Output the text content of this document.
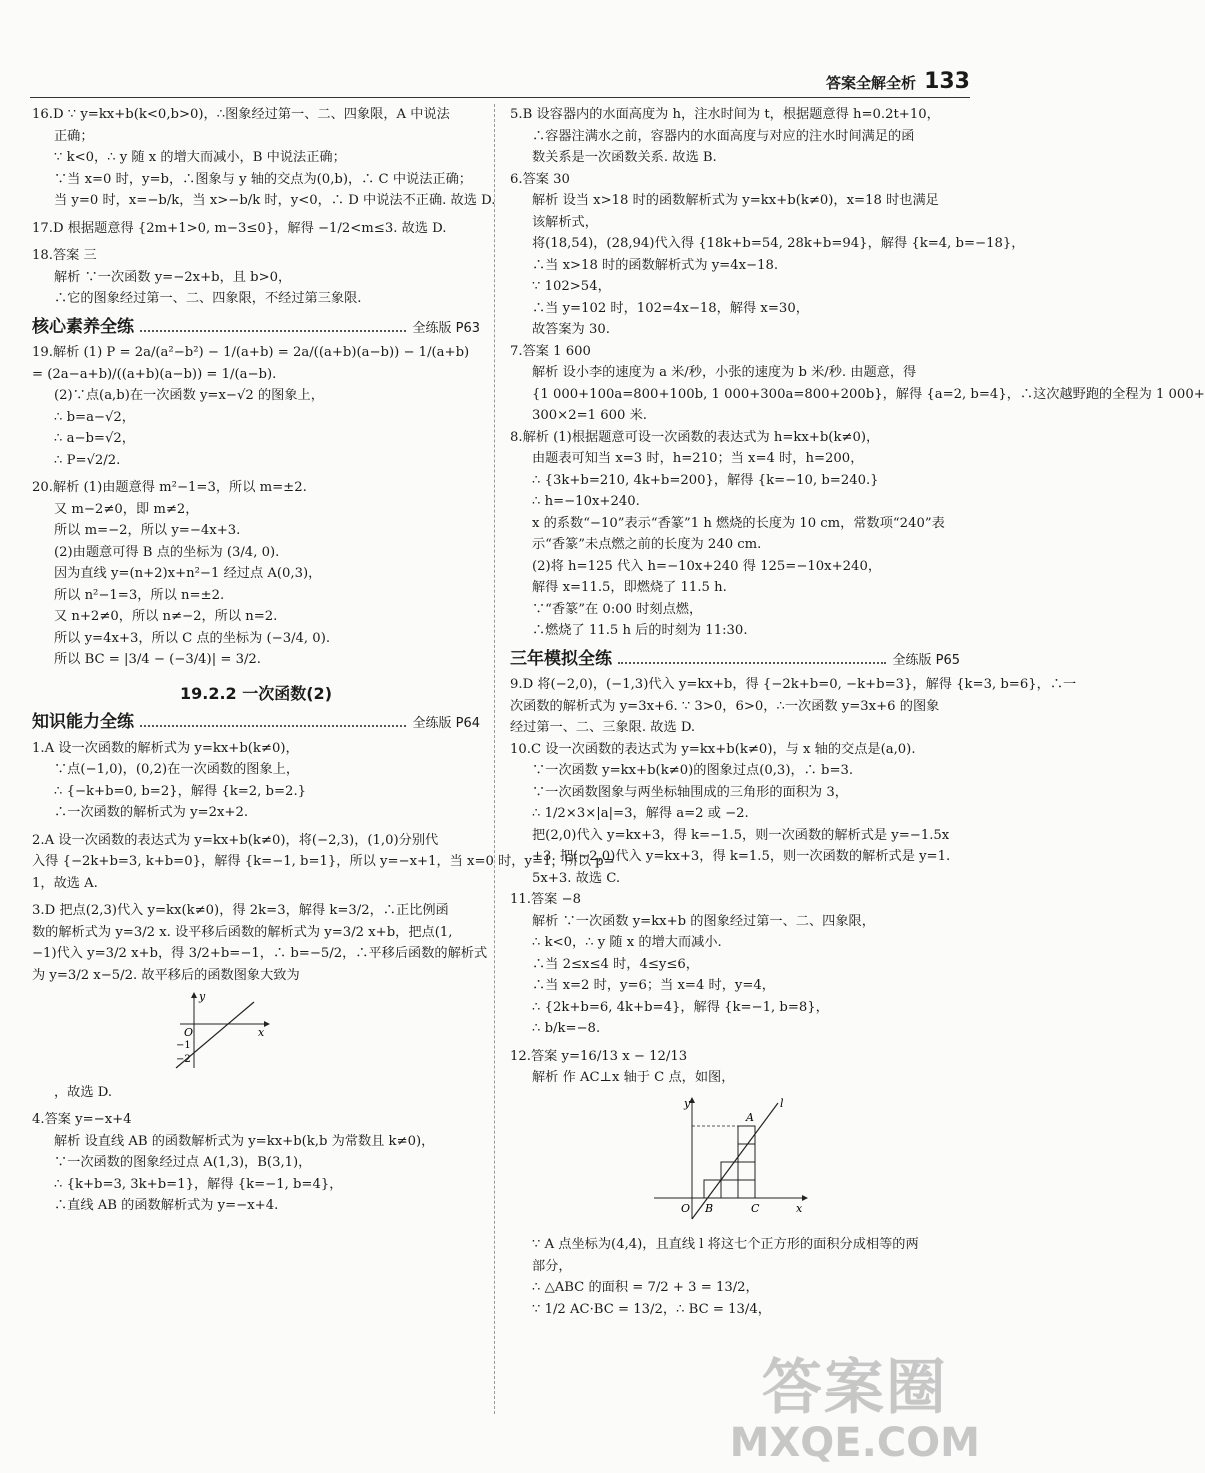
答案全解全析 133
16.D ∵ y=kx+b(k<0,b>0)，∴图象经过第一、二、四象限，A 中说法
正确；
∵ k<0，∴ y 随 x 的增大而减小，B 中说法正确；
∵当 x=0 时，y=b，∴图象与 y 轴的交点为(0,b)，∴ C 中说法正确；
当 y=0 时，x=−b/k，当 x>−b/k 时，y<0，∴ D 中说法不正确. 故选 D.
17.D 根据题意得 {2m+1>0, m−3≤0}，解得 −1/2<m≤3. 故选 D.
18.答案 三
解析 ∵一次函数 y=−2x+b，且 b>0，
∴它的图象经过第一、二、四象限，不经过第三象限.
核心素养全练	全练版 P63
19.解析 (1) P = 2a/(a²−b²) − 1/(a+b) = 2a/((a+b)(a−b)) − 1/(a+b)
= (2a−a+b)/((a+b)(a−b)) = 1/(a−b).
(2)∵点(a,b)在一次函数 y=x−√2 的图象上，
∴ b=a−√2，
∴ a−b=√2，
∴ P=√2/2.
20.解析 (1)由题意得 m²−1=3，所以 m=±2.
又 m−2≠0，即 m≠2，
所以 m=−2，所以 y=−4x+3.
(2)由题意可得 B 点的坐标为 (3/4, 0).
因为直线 y=(n+2)x+n²−1 经过点 A(0,3)，
所以 n²−1=3，所以 n=±2.
又 n+2≠0，所以 n≠−2，所以 n=2.
所以 y=4x+3，所以 C 点的坐标为 (−3/4, 0).
所以 BC = |3/4 − (−3/4)| = 3/2.
19.2.2 一次函数(2)
知识能力全练	全练版 P64
1.A 设一次函数的解析式为 y=kx+b(k≠0)，
∵点(−1,0)，(0,2)在一次函数的图象上，
∴ {−k+b=0, b=2}，解得 {k=2, b=2.}
∴一次函数的解析式为 y=2x+2.
2.A 设一次函数的表达式为 y=kx+b(k≠0)，将(−2,3)，(1,0)分别代
入得 {−2k+b=3, k+b=0}，解得 {k=−1, b=1}，所以 y=−x+1，当 x=0 时，y=1，所以 p=
1，故选 A.
3.D 把点(2,3)代入 y=kx(k≠0)，得 2k=3，解得 k=3/2，∴正比例函
数的解析式为 y=3/2 x. 设平移后函数的解析式为 y=3/2 x+b，把点(1,
−1)代入 y=3/2 x+b，得 3/2+b=−1，∴ b=−5/2，∴平移后函数的解析式
为 y=3/2 x−5/2. 故平移后的函数图象大致为
y
x
O
−1
−2
，故选 D.
4.答案 y=−x+4
解析 设直线 AB 的函数解析式为 y=kx+b(k,b 为常数且 k≠0)，
∵一次函数的图象经过点 A(1,3)，B(3,1)，
∴ {k+b=3, 3k+b=1}，解得 {k=−1, b=4}，
∴直线 AB 的函数解析式为 y=−x+4.
5.B 设容器内的水面高度为 h，注水时间为 t，根据题意得 h=0.2t+10，
∴容器注满水之前，容器内的水面高度与对应的注水时间满足的函
数关系是一次函数关系. 故选 B.
6.答案 30
解析 设当 x>18 时的函数解析式为 y=kx+b(k≠0)，x=18 时也满足
该解析式，
将(18,54)，(28,94)代入得 {18k+b=54, 28k+b=94}，解得 {k=4, b=−18}，
∴当 x>18 时的函数解析式为 y=4x−18.
∵ 102>54，
∴当 y=102 时，102=4x−18，解得 x=30，
故答案为 30.
7.答案 1 600
解析 设小李的速度为 a 米/秒，小张的速度为 b 米/秒. 由题意，得
{1 000+100a=800+100b, 1 000+300a=800+200b}，解得 {a=2, b=4}，∴这次越野跑的全程为 1 000+
300×2=1 600 米.
8.解析 (1)根据题意可设一次函数的表达式为 h=kx+b(k≠0)，
由题表可知当 x=3 时，h=210；当 x=4 时，h=200，
∴ {3k+b=210, 4k+b=200}，解得 {k=−10, b=240.}
∴ h=−10x+240.
x 的系数“−10”表示“香篆”1 h 燃烧的长度为 10 cm，常数项“240”表
示“香篆”未点燃之前的长度为 240 cm.
(2)将 h=125 代入 h=−10x+240 得 125=−10x+240，
解得 x=11.5，即燃烧了 11.5 h.
∵“香篆”在 0:00 时刻点燃，
∴燃烧了 11.5 h 后的时刻为 11:30.
三年模拟全练	全练版 P65
9.D 将(−2,0)，(−1,3)代入 y=kx+b，得 {−2k+b=0, −k+b=3}，解得 {k=3, b=6}，∴一
次函数的解析式为 y=3x+6. ∵ 3>0，6>0，∴一次函数 y=3x+6 的图象
经过第一、二、三象限. 故选 D.
10.C 设一次函数的表达式为 y=kx+b(k≠0)，与 x 轴的交点是(a,0).
∵一次函数 y=kx+b(k≠0)的图象过点(0,3)，∴ b=3.
∵一次函数图象与两坐标轴围成的三角形的面积为 3，
∴ 1/2×3×|a|=3，解得 a=2 或 −2.
把(2,0)代入 y=kx+3，得 k=−1.5，则一次函数的解析式是 y=−1.5x
+3. 把(−2,0)代入 y=kx+3，得 k=1.5，则一次函数的解析式是 y=1.
5x+3. 故选 C.
11.答案 −8
解析 ∵一次函数 y=kx+b 的图象经过第一、二、四象限，
∴ k<0，∴ y 随 x 的增大而减小.
∴当 2≤x≤4 时，4≤y≤6，
∴当 x=2 时，y=6；当 x=4 时，y=4，
∴ {2k+b=6, 4k+b=4}，解得 {k=−1, b=8}，
∴ b/k=−8.
12.答案 y=16/13 x − 12/13
解析 作 AC⊥x 轴于 C 点，如图，
y
x
O B	C
A
l
∵ A 点坐标为(4,4)，且直线 l 将这七个正方形的面积分成相等的两
部分，
∴ △ABC 的面积 = 7/2 + 3 = 13/2，
∵ 1/2 AC·BC = 13/2，∴ BC = 13/4，
答案圈
MXQE.COM
